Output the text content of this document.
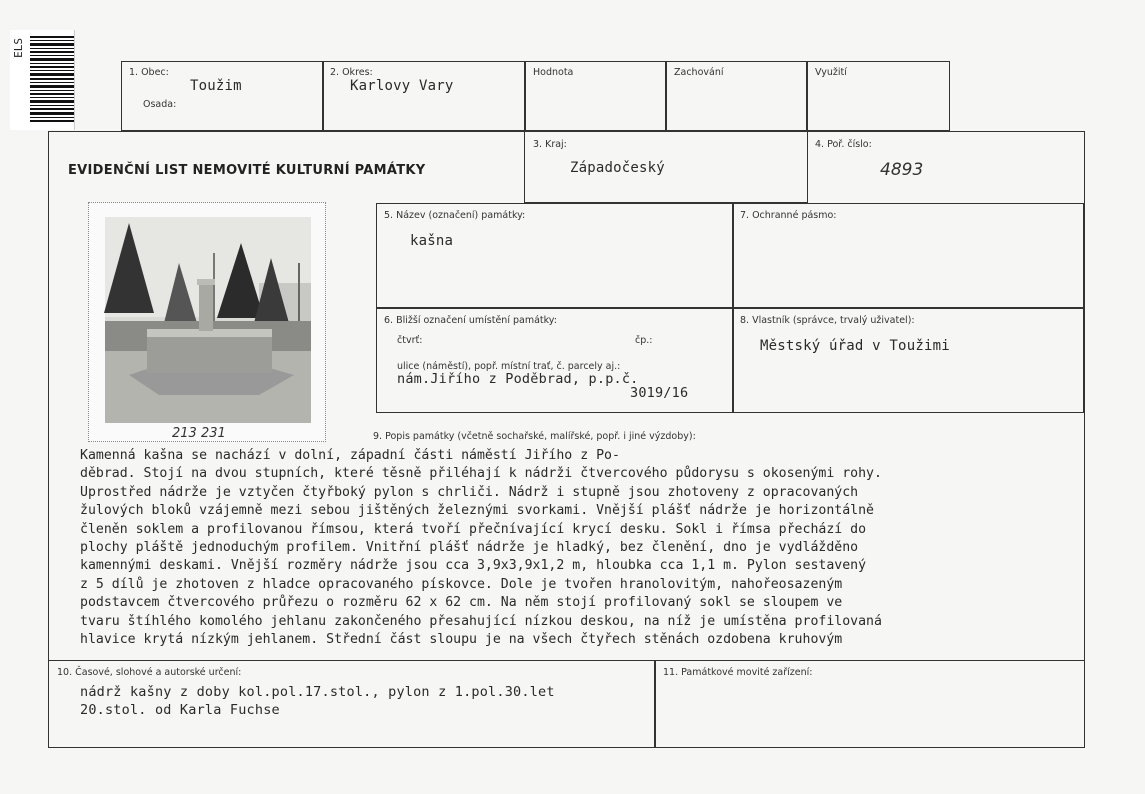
ELS
1. Obec:
Toužim
Osada:
2. Okres:
Karlovy Vary
Hodnota	Zachování	Využití
EVIDENČNÍ LIST NEMOVITÉ KULTURNÍ PAMÁTKY
3. Kraj:
Západočeský
4. Poř. číslo:
4893
213 231
5. Název (označení) památky:
kašna
7. Ochranné pásmo:
6. Bližší označení umístění památky:
čtvrť:	čp.:
ulice (náměstí), popř. místní trať, č. parcely aj.:
nám.Jiřího z Poděbrad, p.p.č.
3019/16
8. Vlastník (správce, trvalý uživatel):
Městský úřad v Toužimi
9. Popis památky (včetně sochařské, malířské, popř. i jiné výzdoby):
Kamenná kašna se nachází v dolní, západní části náměstí Jiřího z Po-
děbrad. Stojí na dvou stupních, které těsně přiléhají k nádrži čtvercového půdorysu s okosenými rohy.
Uprostřed nádrže je vztyčen čtyřboký pylon s chrliči. Nádrž i stupně jsou zhotoveny z opracovaných
žulových bloků vzájemně mezi sebou jištěných železnými svorkami. Vnější plášť nádrže je horizontálně
členěn soklem a profilovanou římsou, která tvoří přečnívající krycí desku. Sokl i římsa přechází do
plochy pláště jednoduchým profilem. Vnitřní plášť nádrže je hladký, bez členění, dno je vydlážděno
kamennými deskami. Vnější rozměry nádrže jsou cca 3,9x3,9x1,2 m, hloubka cca 1,1 m. Pylon sestavený
z 5 dílů je zhotoven z hladce opracovaného pískovce. Dole je tvořen hranolovitým, nahořeosazeným
podstavcem čtvercového průřezu o rozměru 62 x 62 cm. Na něm stojí profilovaný sokl se sloupem ve
tvaru štíhlého komolého jehlanu zakončeného přesahující nízkou deskou, na níž je umístěna profilovaná
hlavice krytá nízkým jehlanem. Střední část sloupu je na všech čtyřech stěnách ozdobena kruhovým
10. Časové, slohové a autorské určení:
nádrž kašny z doby kol.pol.17.stol., pylon z 1.pol.30.let
20.stol. od Karla Fuchse
11. Památkové movité zařízení:
